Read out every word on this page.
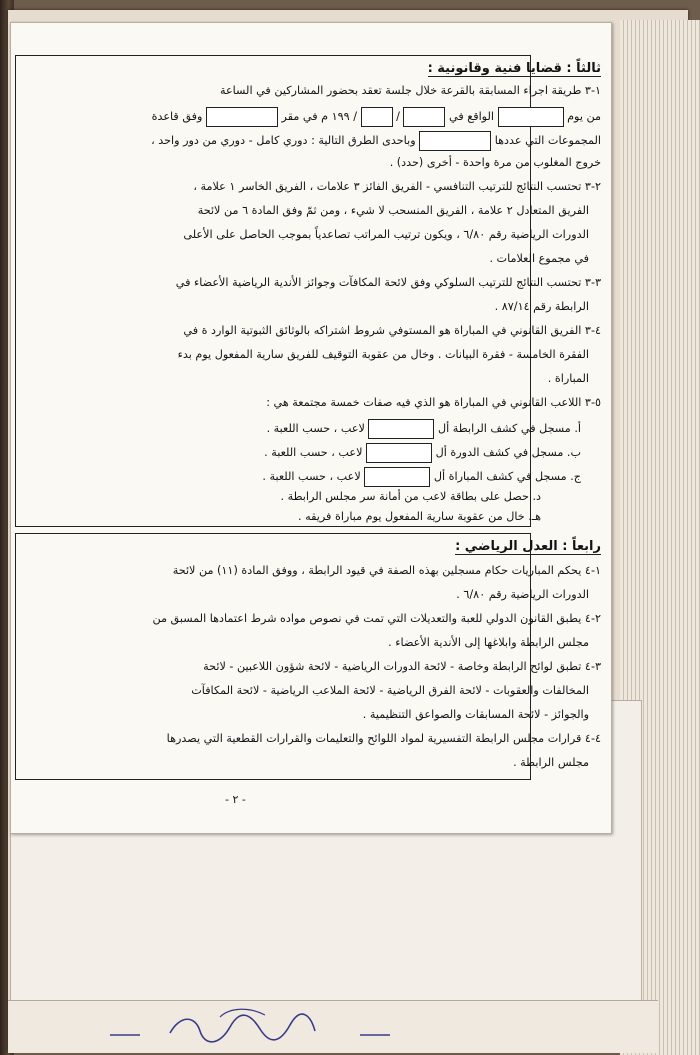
ثالثاً : قضايا فنية وقانونية :
١-٣ طريقة اجراء المسابقة بالقرعة خلال جلسة تعقد بحضور المشاركين في الساعة
من يوم  الواقع في  /  / ١٩٩ م في مقر  وفق قاعدة
المجموعات التي عددها  وباحدى الطرق التالية : دوري كامل - دوري من دور واحد ،
خروج المغلوب من مرة واحدة - أخرى (حدد) .
٢-٣ تحتسب النتائج للترتيب التنافسي - الفريق الفائز ٣ علامات ، الفريق الخاسر ١ علامة ،
الفريق المتعادل ٢ علامة ، الفريق المنسحب لا شيء ، ومن ثمّ وفق المادة ٦ من لائحة
الدورات الرياضية رقم ٦/٨٠ ، ويكون ترتيب المراتب تصاعدياً بموجب الحاصل على الأعلى
في مجموع العلامات .
٣-٣ تحتسب النتائج للترتيب السلوكي وفق لائحة المكافآت وجوائز الأندية الرياضية الأعضاء في
الرابطة رقم ٨٧/١٤ .
٤-٣ الفريق القانوني في المباراة هو المستوفي شروط اشتراكه بالوثائق الثبوتية الوارد ة في
الفقرة الخامسة - فقرة البيانات . وخال من عقوبة التوقيف للفريق سارية المفعول يوم بدء
المباراة .
٥-٣ اللاعب القانوني في المباراة هو الذي فيه صفات خمسة مجتمعة هي :
أ. مسجل في كشف الرابطة أل  لاعب ، حسب اللعبة .
ب. مسجل في كشف الدورة أل  لاعب ، حسب اللعبة .
ج. مسجل في كشف المباراة أل  لاعب ، حسب اللعبة .
د. حصل على بطاقة لاعب من أمانة سر مجلس الرابطة .
هـ. خال من عقوبة سارية المفعول يوم مباراة فريقه .
رابعاً : العدل الرياضي :
١-٤ يحكم المباريات حكام مسجلين بهذه الصفة في قيود الرابطة ، ووفق المادة (١١) من لائحة
الدورات الرياضية رقم ٦/٨٠ .
٢-٤ يطبق القانون الدولي للعبة والتعديلات التي تمت في نصوص مواده شرط اعتمادها المسبق من
مجلس الرابطة وابلاغها إلى الأندية الأعضاء .
٣-٤ تطبق لوائح الرابطة وخاصة - لائحة الدورات الرياضية - لائحة شؤون اللاعبين - لائحة
المخالفات والعقوبات - لائحة الفرق الرياضية - لائحة الملاعب الرياضية - لائحة المكافآت
والجوائز - لائحة المسابقات والصواعق التنظيمية .
٤-٤ قرارات مجلس الرابطة التفسيرية لمواد اللوائح والتعليمات والقرارات القطعية التي يصدرها
مجلس الرابطة .
- ٢ -
